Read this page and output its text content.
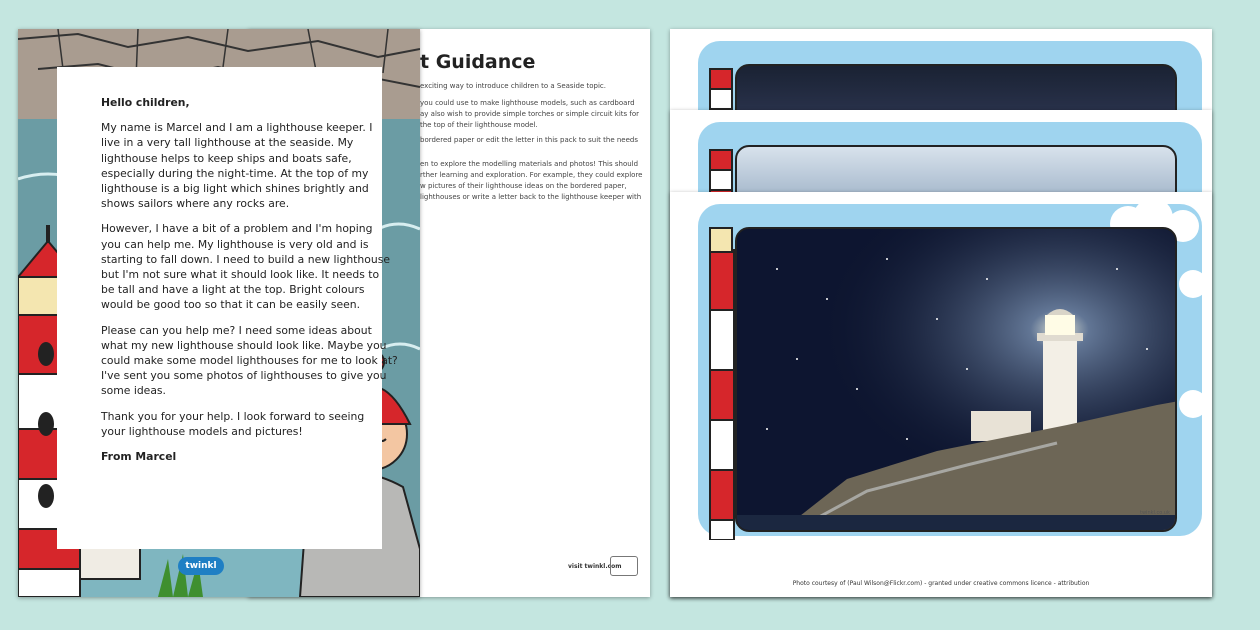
t Guidance
exciting way to introduce children to a Seaside topic.
you could use to make lighthouse models, such as cardboard
ay also wish to provide simple torches or simple circuit kits for
the top of their lighthouse model.
bordered paper or edit the letter in this pack to suit the needs
en to explore the modelling materials and photos! This should
rther learning and exploration. For example, they could explore
w pictures of their lighthouse ideas on the bordered paper,
lighthouses or write a letter back to the lighthouse keeper with
visit twinkl.com

Hello children,

My name is Marcel and I am a lighthouse keeper. I
live in a very tall lighthouse at the seaside. My
lighthouse helps to keep ships and boats safe,
especially during the night-time. At the top of my
lighthouse is a big light which shines brightly and
shows sailors where any rocks are.

However, I have a bit of a problem and I'm hoping
you can help me. My lighthouse is very old and is
starting to fall down. I need to build a new lighthouse
but I'm not sure what it should look like. It needs to
be tall and have a light at the top. Bright colours
would be good too so that it can be easily seen.

Please can you help me? I need some ideas about
what my new lighthouse should look like. Maybe you
could make some model lighthouses for me to look at?
I've sent you some photos of lighthouses to give you
some ideas.

Thank you for your help. I look forward to seeing
your lighthouse models and pictures!

From Marcel

twinkl
twinkl.co.uk
Photo courtesy of (Paul Wilson@Flickr.com) - granted under creative commons licence - attribution
